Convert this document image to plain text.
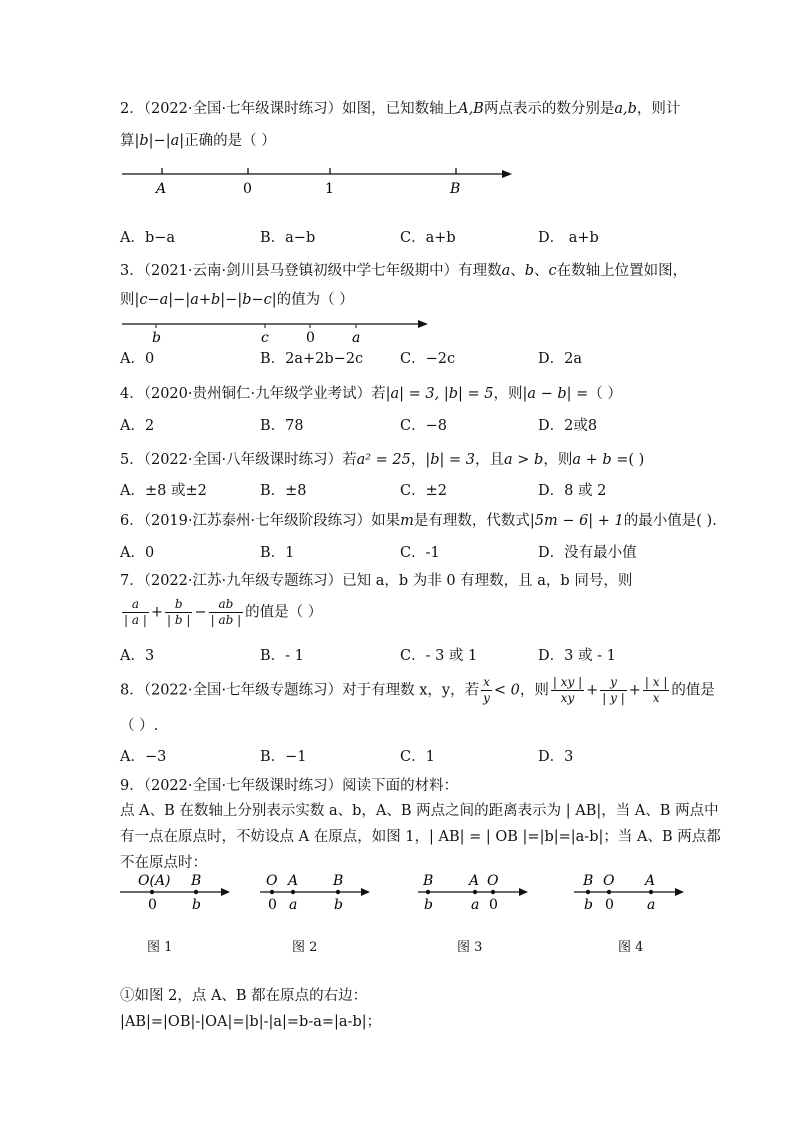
2．（2022·全国·七年级课时练习）如图，已知数轴上A,B两点表示的数分别是a,b，则计
算|b|−|a|正确的是（ ）
A	0	1	B
A．b−a	B．a−b	C．a+b	D． a+b
3．（2021·云南·剑川县马登镇初级中学七年级期中）有理数a、b、c在数轴上位置如图，
则|c−a|−|a+b|−|b−c|的值为（ ）
b	c	0	a
A．0	B．2a+2b−2c	C．−2c	D．2a
4．（2020·贵州铜仁·九年级学业考试）若|a| = 3, |b| = 5，则|a − b| =（ ）
A．2	B．78	C．−8	D．2或8
5．（2022·全国·八年级课时练习）若a² = 25，|b| = 3，且a > b，则a + b =( )
A．±8 或±2	B．±8	C．±2	D．8 或 2
6．（2019·江苏泰州·七年级阶段练习）如果m是有理数，代数式|5m − 6| + 1的最小值是( ).
A．0	B．1	C．-1	D．没有最小值
7．（2022·江苏·九年级专题练习）已知 a，b 为非 0 有理数，且 a，b 同号，则
$\frac{a}{| a |} + \frac{b}{| b |} - \frac{ab}{| ab |}$ 的值是（ ）
A．3	B．- 1	C．- 3 或 1	D．3 或 - 1
8．（2022·全国·七年级专题练习）对于有理数 x，y，若 $\frac{x}{y} < 0$，则 $\frac{| xy |}{xy} + \frac{y}{| y |} + \frac{| x |}{x}$ 的值是
（ ）.
A．−3	B．−1	C．1	D．3
9．（2022·全国·七年级课时练习）阅读下面的材料：
点 A、B 在数轴上分别表示实数 a、b，A、B 两点之间的距离表示为 | AB|，当 A、B 两点中
有一点在原点时，不妨设点 A 在原点，如图 1，| AB| = | OB |=|b|=|a-b|；当 A、B 两点都
不在原点时：
O(A) B
0	b
图 1
O A B
0 a	b
图 2
B	A O
b	a 0
图 3
B O A
b 0 a
图 4
①如图 2，点 A、B 都在原点的右边：
|AB|=|OB|-|OA|=|b|-|a|=b-a=|a-b|；
